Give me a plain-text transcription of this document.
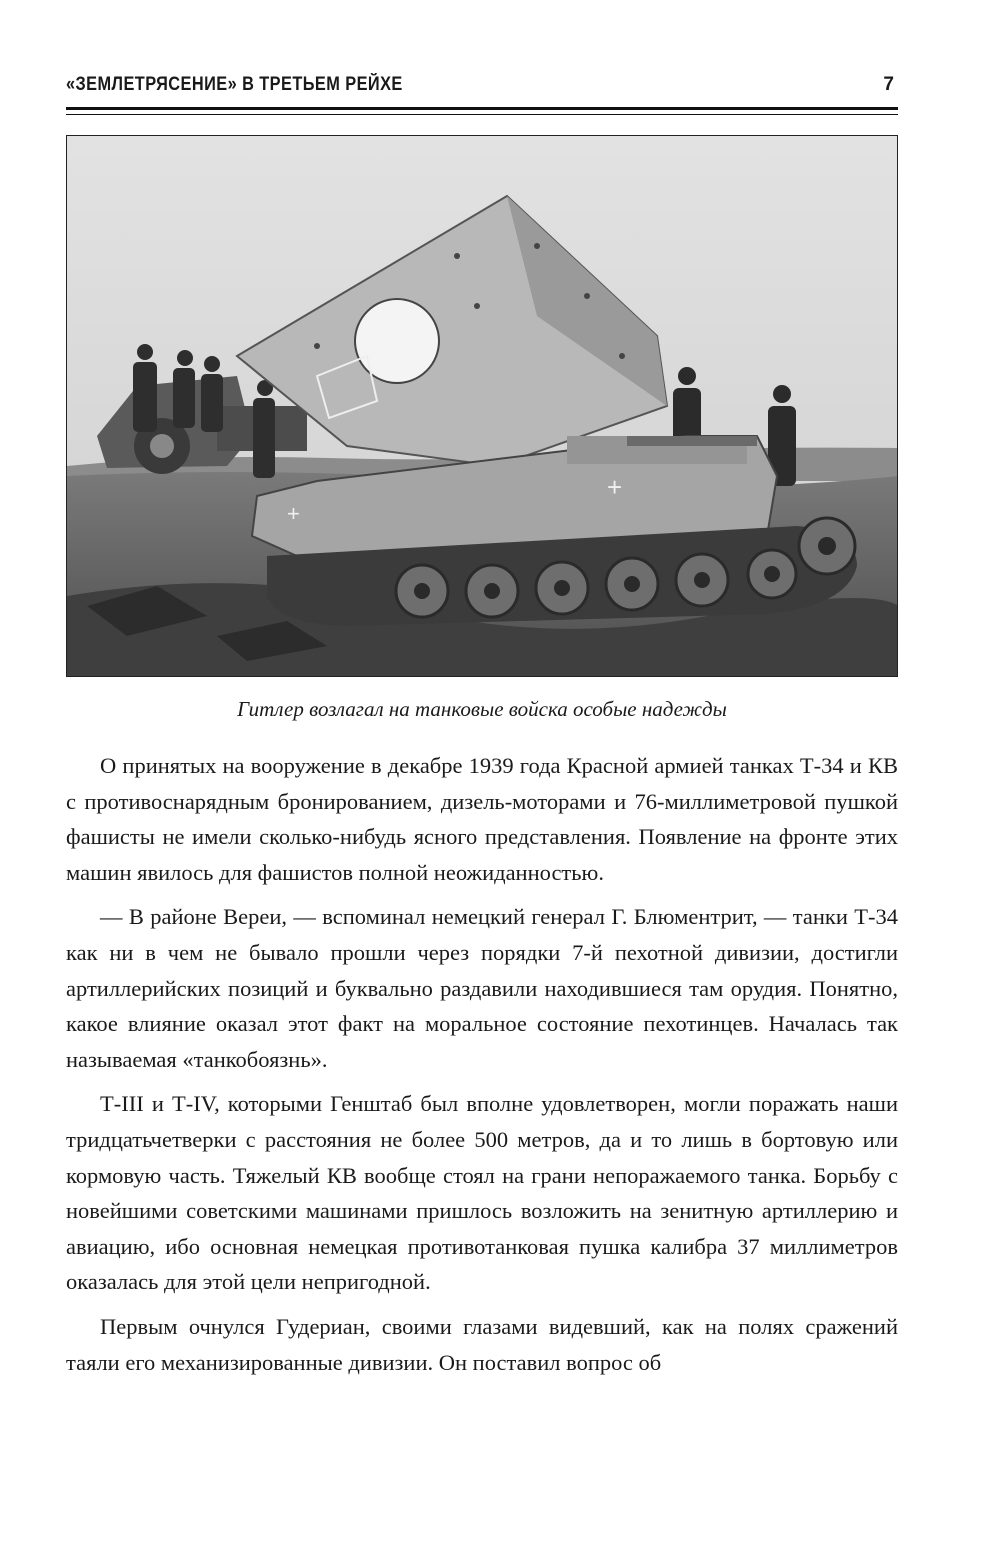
«ЗЕМЛЕТРЯСЕНИЕ» В ТРЕТЬЕМ РЕЙХЕ	7
+
+
Гитлер возлагал на танковые войска особые надежды

О принятых на вооружение в декабре 1939 года Красной армией танках Т-34 и КВ с противоснарядным бронированием, дизель-моторами и 76-миллиметровой пушкой фашисты не имели сколько-нибудь ясного представления. Появление на фронте этих машин явилось для фашистов полной неожиданностью.

— В районе Вереи, — вспоминал немецкий генерал Г. Блюментрит, — танки Т-34 как ни в чем не бывало прошли через порядки 7-й пехотной дивизии, достигли артиллерийских позиций и буквально раздавили находившиеся там орудия. Понятно, какое влияние оказал этот факт на моральное состояние пехотинцев. Началась так называемая «танкобоязнь».

Т-III и Т-IV, которыми Генштаб был вполне удовлетворен, могли поражать наши тридцатьчетверки с расстояния не более 500 метров, да и то лишь в бортовую или кормовую часть. Тяжелый КВ вообще стоял на грани непоражаемого танка. Борьбу с новейшими советскими машинами пришлось возложить на зенитную артиллерию и авиацию, ибо основная немецкая противотанковая пушка калибра 37 миллиметров оказалась для этой цели непригодной.

Первым очнулся Гудериан, своими глазами видевший, как на полях сражений таяли его механизированные дивизии. Он поставил вопрос об
